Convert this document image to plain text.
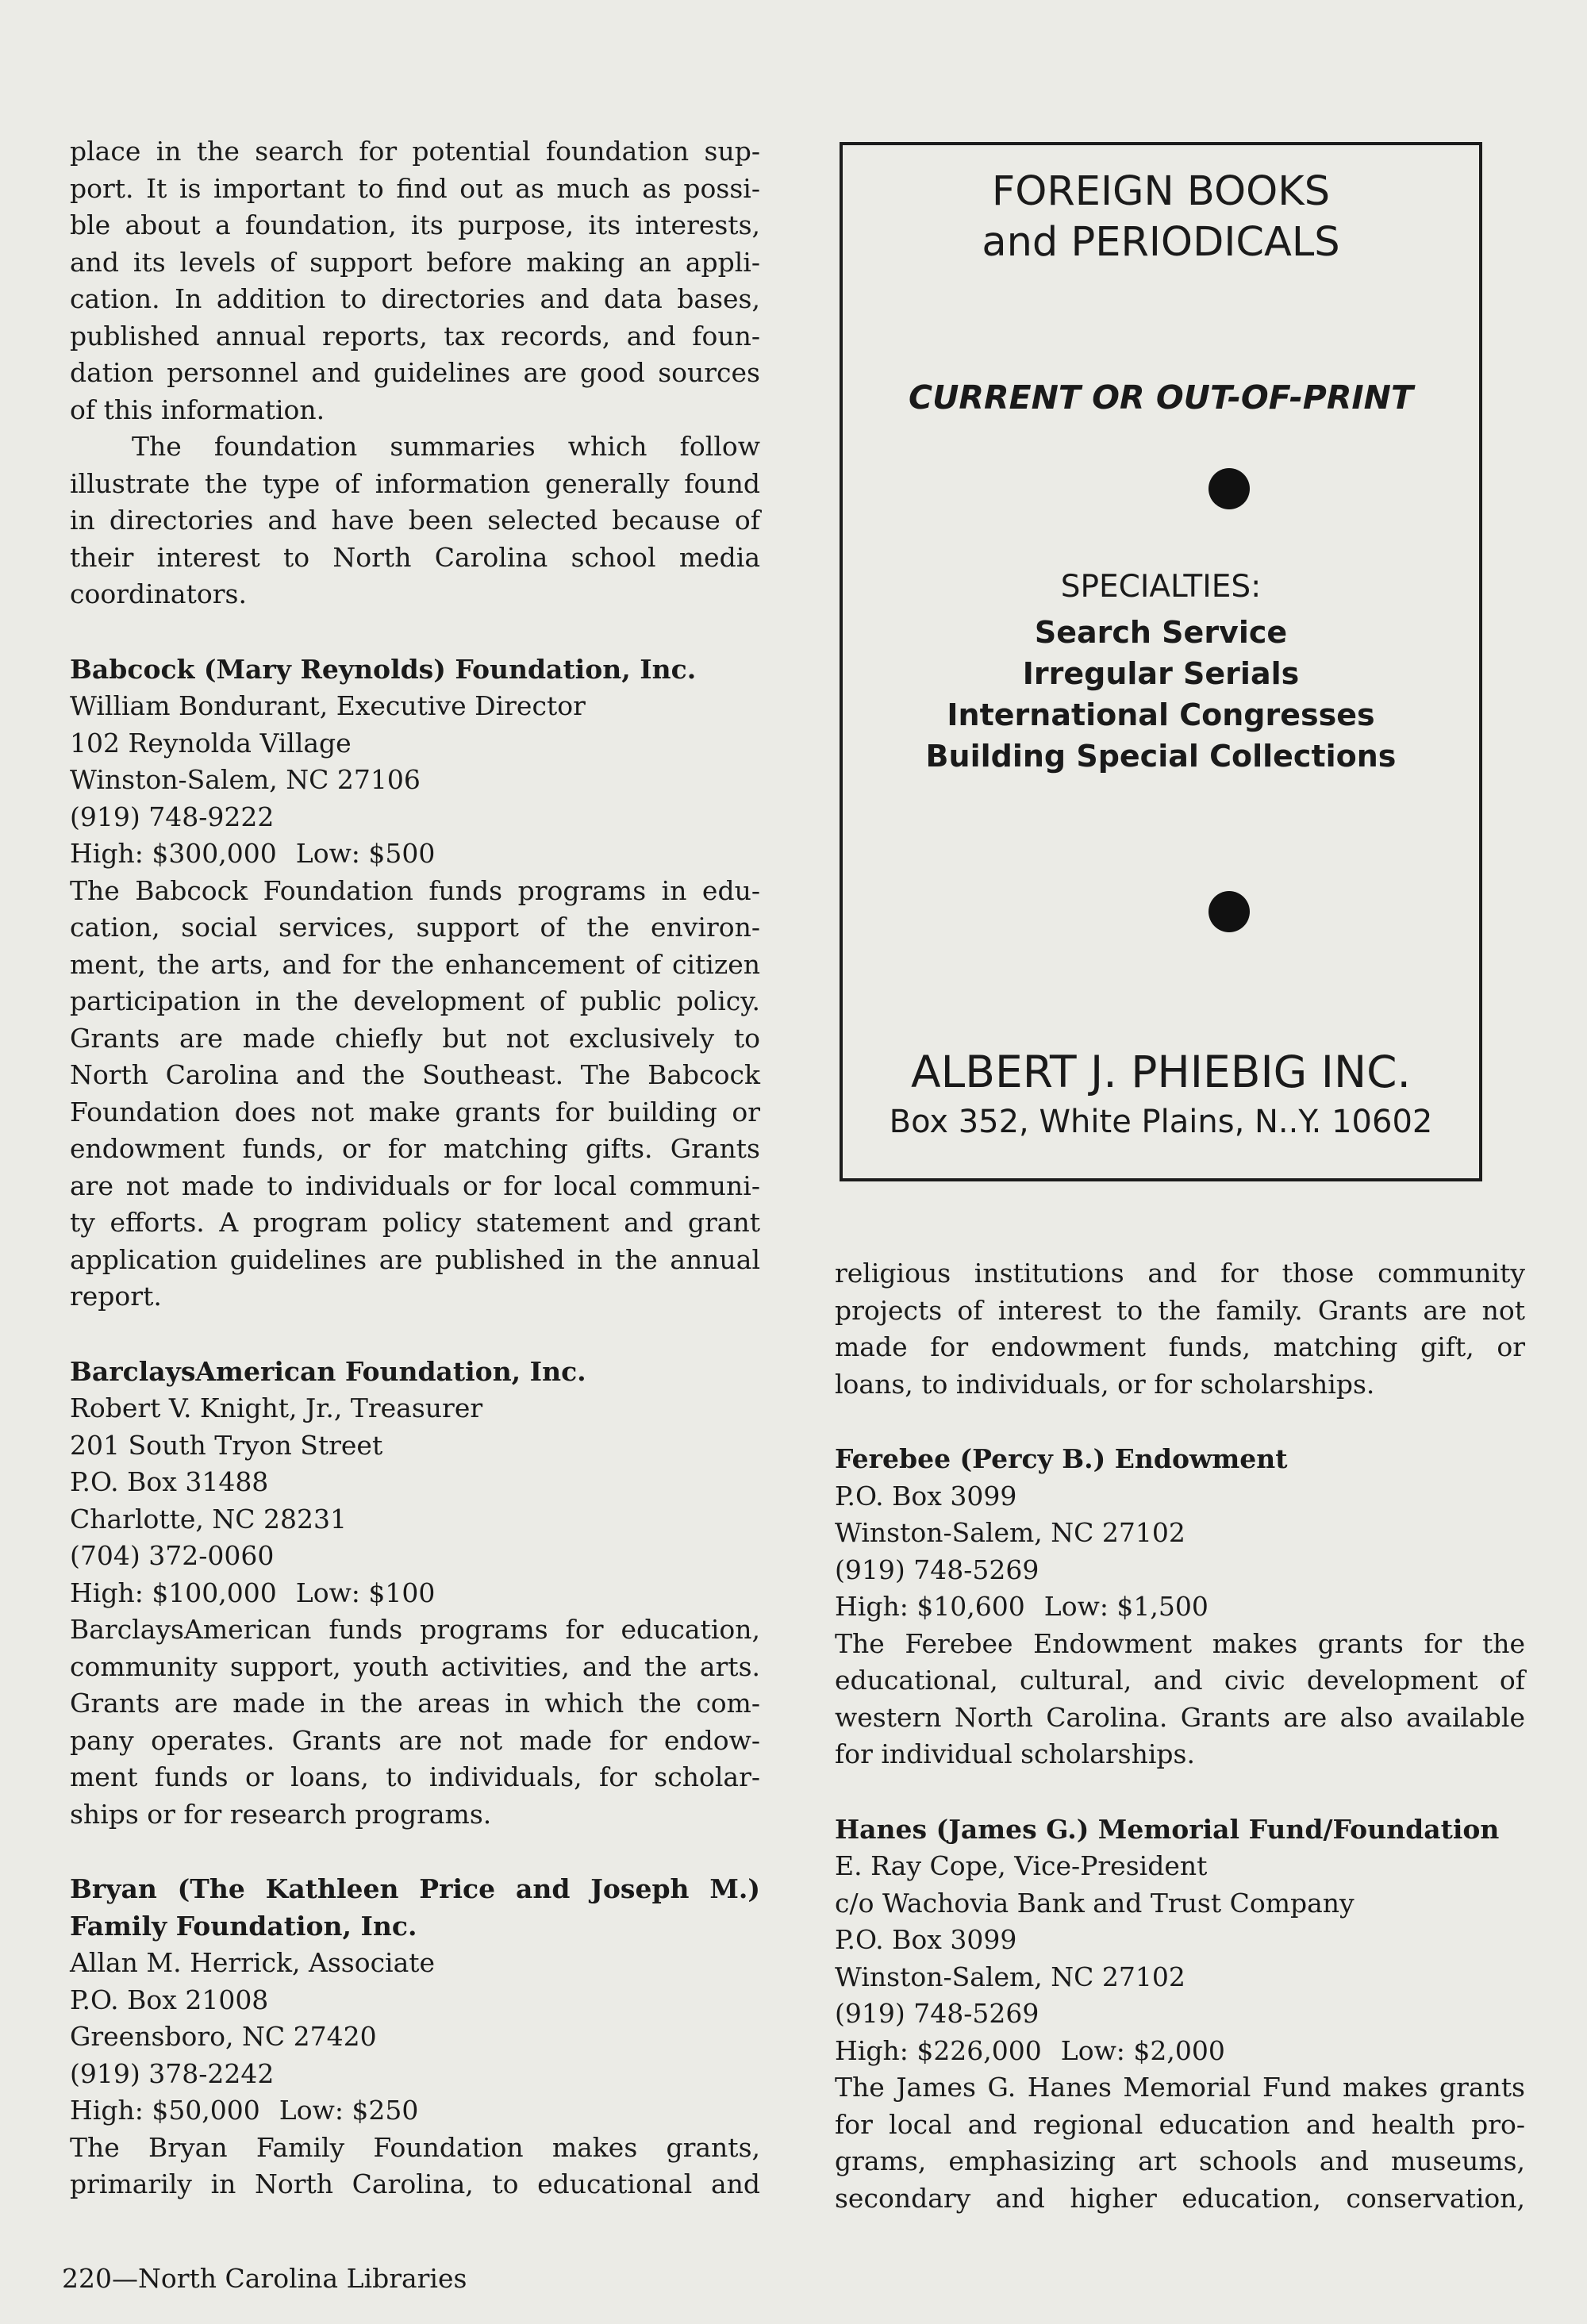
place in the search for potential foundation sup-

port. It is important to find out as much as possi-

ble about a foundation, its purpose, its interests,

and its levels of support before making an appli-

cation. In addition to directories and data bases,

published annual reports, tax records, and foun-

dation personnel and guidelines are good sources

of this information.

The foundation summaries which follow

illustrate the type of information generally found

in directories and have been selected because of

their interest to North Carolina school media

coordinators.

Babcock (Mary Reynolds) Foundation, Inc.

William Bondurant, Executive Director

102 Reynolda Village

Winston-Salem, NC 27106

(919) 748-9222

High: $300,000 Low: $500

The Babcock Foundation funds programs in edu-

cation, social services, support of the environ-

ment, the arts, and for the enhancement of citizen

participation in the development of public policy.

Grants are made chiefly but not exclusively to

North Carolina and the Southeast. The Babcock

Foundation does not make grants for building or

endowment funds, or for matching gifts. Grants

are not made to individuals or for local communi-

ty efforts. A program policy statement and grant

application guidelines are published in the annual

report.

BarclaysAmerican Foundation, Inc.

Robert V. Knight, Jr., Treasurer

201 South Tryon Street

P.O. Box 31488

Charlotte, NC 28231

(704) 372-0060

High: $100,000 Low: $100

BarclaysAmerican funds programs for education,

community support, youth activities, and the arts.

Grants are made in the areas in which the com-

pany operates. Grants are not made for endow-

ment funds or loans, to individuals, for scholar-

ships or for research programs.

Bryan (The Kathleen Price and Joseph M.)

Family Foundation, Inc.

Allan M. Herrick, Associate

P.O. Box 21008

Greensboro, NC 27420

(919) 378-2242

High: $50,000 Low: $250

The Bryan Family Foundation makes grants,

primarily in North Carolina, to educational and

FOREIGN BOOKS
and PERIODICALS
CURRENT OR OUT-OF-PRINT
SPECIALTIES:
Search Service
Irregular Serials
International Congresses
Building Special Collections
ALBERT J. PHIEBIG INC.
Box 352, White Plains, N..Y. 10602

religious institutions and for those community

projects of interest to the family. Grants are not

made for endowment funds, matching gift, or

loans, to individuals, or for scholarships.

Ferebee (Percy B.) Endowment

P.O. Box 3099

Winston-Salem, NC 27102

(919) 748-5269

High: $10,600 Low: $1,500

The Ferebee Endowment makes grants for the

educational, cultural, and civic development of

western North Carolina. Grants are also available

for individual scholarships.

Hanes (James G.) Memorial Fund/Foundation

E. Ray Cope, Vice-President

c/o Wachovia Bank and Trust Company

P.O. Box 3099

Winston-Salem, NC 27102

(919) 748-5269

High: $226,000 Low: $2,000

The James G. Hanes Memorial Fund makes grants

for local and regional education and health pro-

grams, emphasizing art schools and museums,

secondary and higher education, conservation,

220—North Carolina Libraries
